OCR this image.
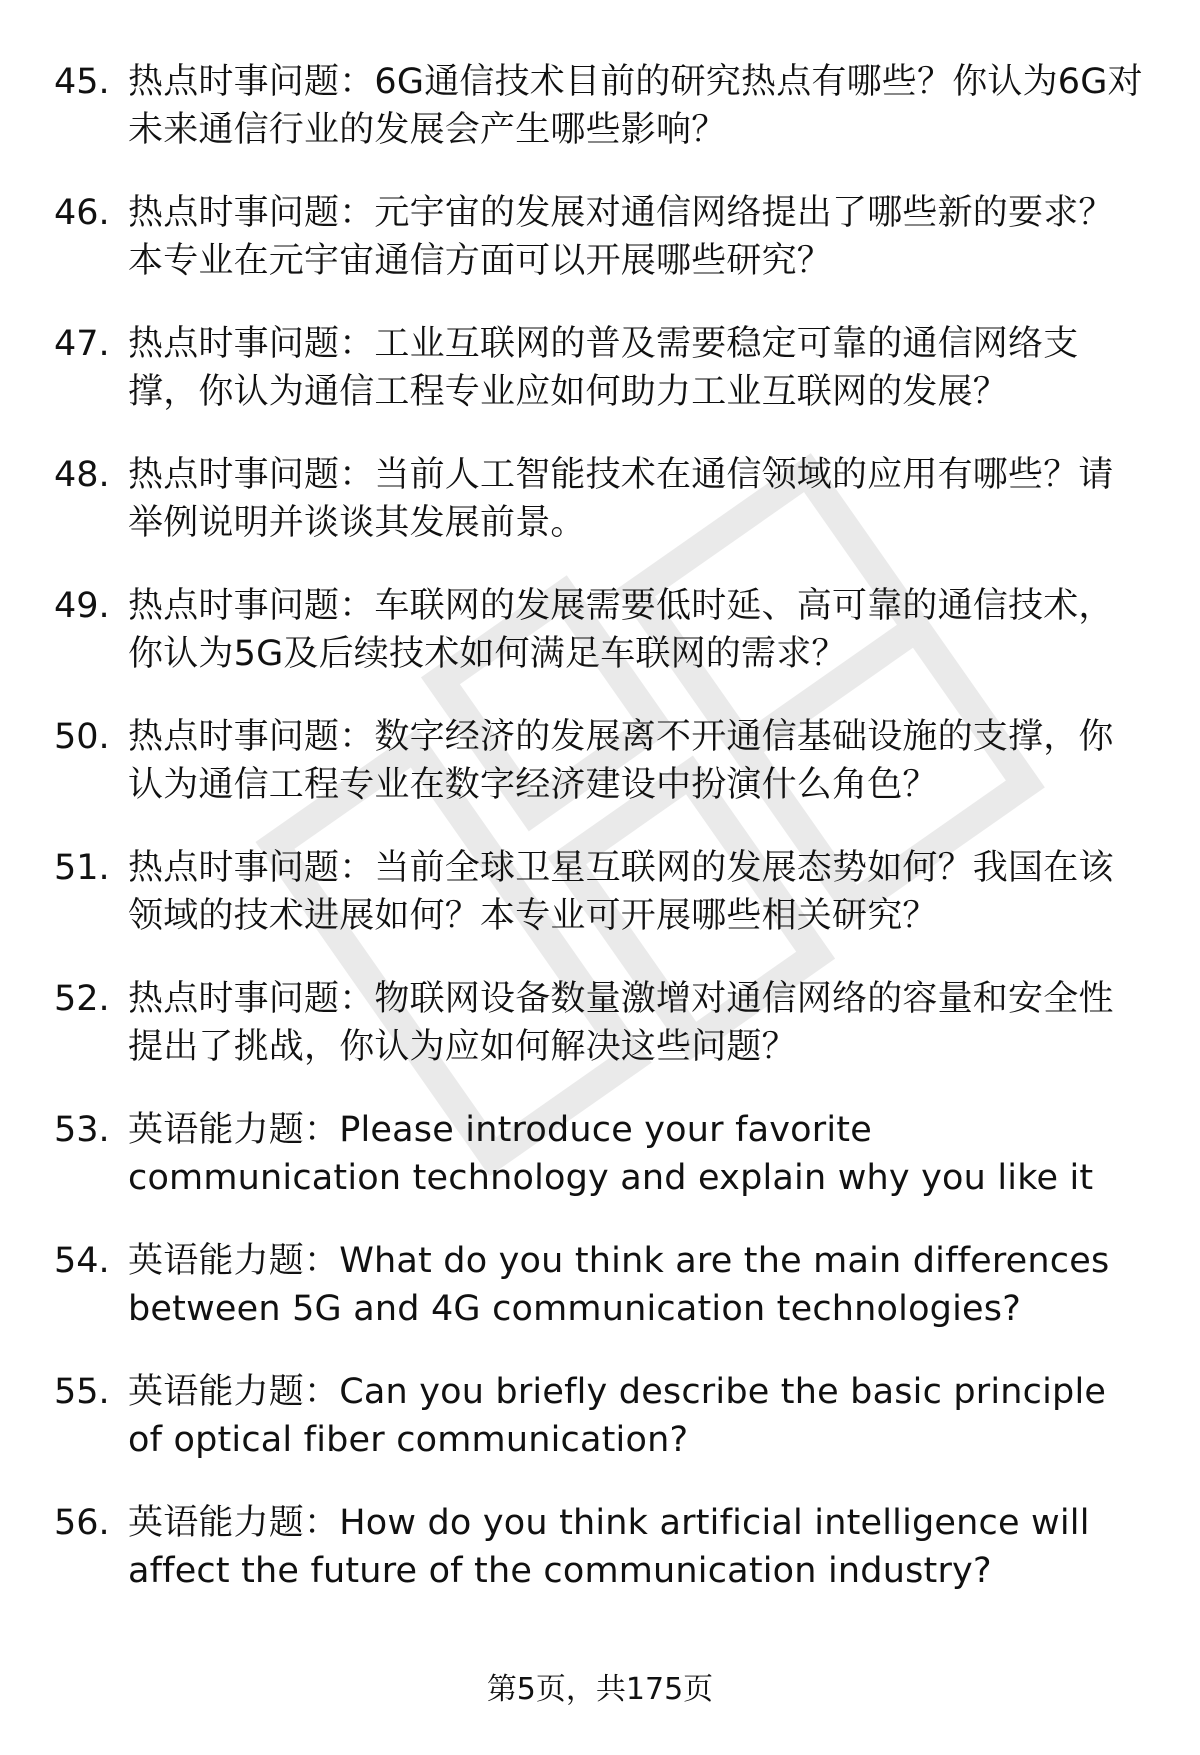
45. 热点时事问题：6G通信技术目前的研究热点有哪些？你认为6G对未来通信行业的发展会产生哪些影响？
46. 热点时事问题：元宇宙的发展对通信网络提出了哪些新的要求？本专业在元宇宙通信方面可以开展哪些研究？
47. 热点时事问题：工业互联网的普及需要稳定可靠的通信网络支撑，你认为通信工程专业应如何助力工业互联网的发展？
48. 热点时事问题：当前人工智能技术在通信领域的应用有哪些？请举例说明并谈谈其发展前景。
49. 热点时事问题：车联网的发展需要低时延、高可靠的通信技术，你认为5G及后续技术如何满足车联网的需求？
50. 热点时事问题：数字经济的发展离不开通信基础设施的支撑，你认为通信工程专业在数字经济建设中扮演什么角色？
51. 热点时事问题：当前全球卫星互联网的发展态势如何？我国在该领域的技术进展如何？本专业可开展哪些相关研究？
52. 热点时事问题：物联网设备数量激增对通信网络的容量和安全性提出了挑战，你认为应如何解决这些问题？
53. 英语能力题：Please introduce your favorite communication technology and explain why you like it
54. 英语能力题：What do you think are the main differences between 5G and 4G communication technologies?
55. 英语能力题：Can you briefly describe the basic principle of optical fiber communication?
56. 英语能力题：How do you think artificial intelligence will affect the future of the communication industry?
第5页，共175页
